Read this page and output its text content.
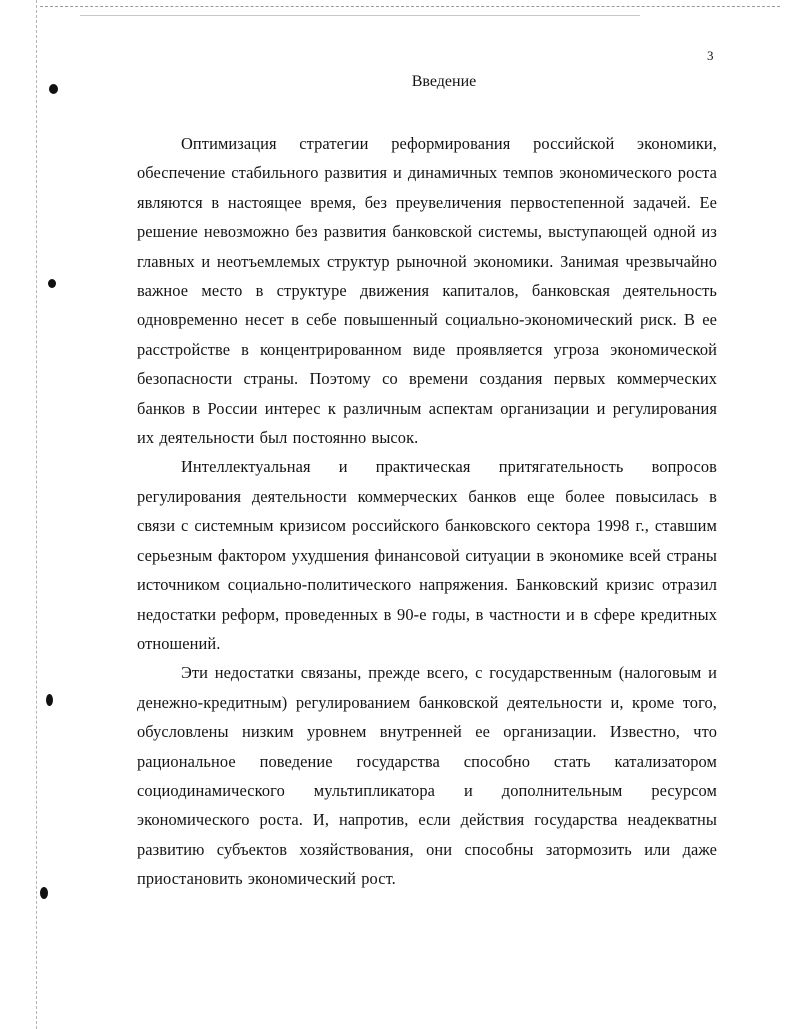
3
Введение

Оптимизация стратегии реформирования российской экономики, обеспечение стабильного развития и динамичных темпов экономического роста являются в настоящее время, без преувеличения первостепенной задачей. Ее решение невозможно без развития банковской системы, выступающей одной из главных и неотъемлемых структур рыночной экономики. Занимая чрезвычайно важное место в структуре движения капиталов, банковская деятельность одновременно несет в себе повышенный социально-экономический риск. В ее расстройстве в концентрированном виде проявляется угроза экономической безопасности страны. Поэтому со времени создания первых коммерческих банков в России интерес к различным аспектам организации и регулирования их деятельности был постоянно высок.

Интеллектуальная и практическая притягательность вопросов регулирования деятельности коммерческих банков еще более повысилась в связи с системным кризисом российского банковского сектора 1998 г., ставшим серьезным фактором ухудшения финансовой ситуации в экономике всей страны источником социально-политического напряжения. Банковский кризис отразил недостатки реформ, проведенных в 90-е годы, в частности и в сфере кредитных отношений.

Эти недостатки связаны, прежде всего, с государственным (налоговым и денежно-кредитным) регулированием банковской деятельности и, кроме того, обусловлены низким уровнем внутренней ее организации. Известно, что рациональное поведение государства способно стать катализатором социодинамического мультипликатора и дополнительным ресурсом экономического роста. И, напротив, если действия государства неадекватны развитию субъектов хозяйствования, они способны затормозить или даже приостановить экономический рост.
